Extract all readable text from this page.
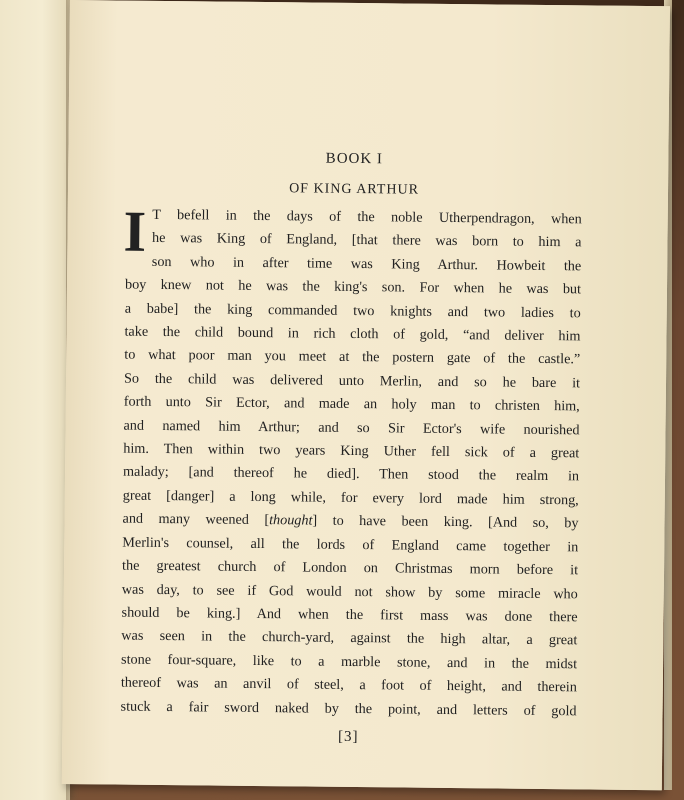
BOOK I
OF KING ARTHUR
I T befell in the days of the noble Utherpendragon, when
he was King of England, [that there was born to him a
son who in after time was King Arthur. Howbeit the
boy knew not he was the king's son. For when he was but
a babe] the king commanded two knights and two ladies to
take the child bound in rich cloth of gold, “and deliver him
to what poor man you meet at the postern gate of the castle.”
So the child was delivered unto Merlin, and so he bare it
forth unto Sir Ector, and made an holy man to christen him,
and named him Arthur; and so Sir Ector's wife nourished
him. Then within two years King Uther fell sick of a great
malady; [and thereof he died]. Then stood the realm in
great [danger] a long while, for every lord made him strong,
and many weened [thought] to have been king. [And so, by
Merlin's counsel, all the lords of England came together in
the greatest church of London on Christmas morn before it
was day, to see if God would not show by some miracle who
should be king.] And when the first mass was done there
was seen in the church-yard, against the high altar, a great
stone four-square, like to a marble stone, and in the midst
thereof was an anvil of steel, a foot of height, and therein
stuck a fair sword naked by the point, and letters of gold
[3]
